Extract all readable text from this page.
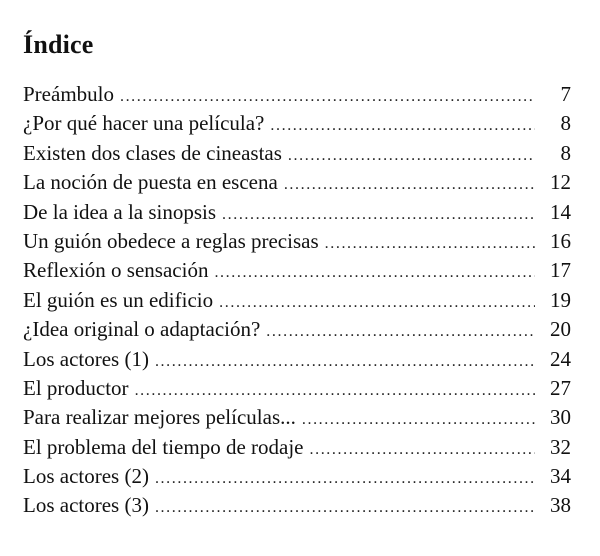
Índice
Preámbulo .....	7
¿Por qué hacer una película? .....	8
Existen dos clases de cineastas .....	8
La noción de puesta en escena .....	12
De la idea a la sinopsis .....	14
Un guión obedece a reglas precisas .....	16
Reflexión o sensación .....	17
El guión es un edificio .....	19
¿Idea original o adaptación? .....	20
Los actores (1) .....	24
El productor .....	27
Para realizar mejores películas... .....	30
El problema del tiempo de rodaje .....	32
Los actores (2) .....	34
Los actores (3) .....	38
